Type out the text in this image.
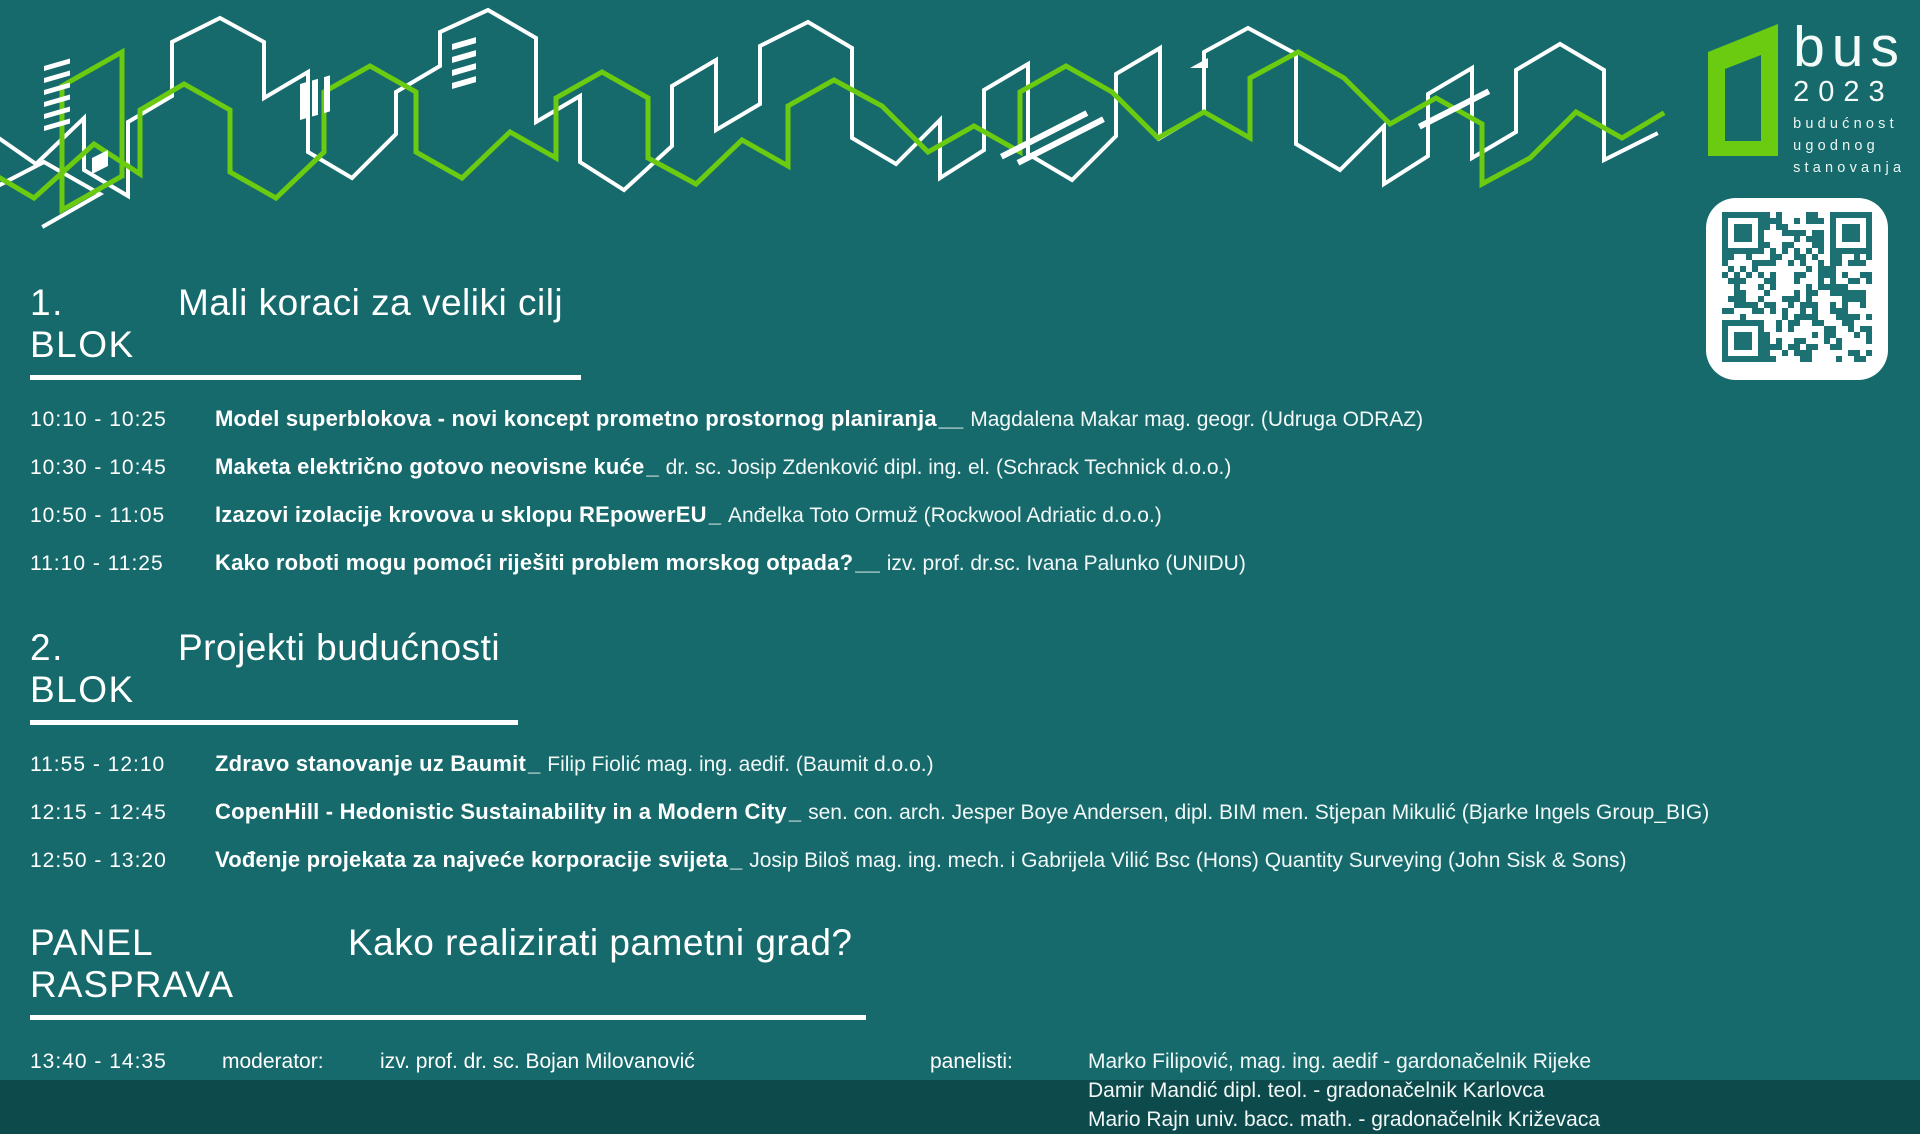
bus
2023
budućnost
ugodnog
stanovanja
1. BLOK
Mali koraci za veliki cilj
10:10 - 10:25	Model superblokova - novi koncept prometno prostornog planiranja __ Magdalena Makar mag. geogr. (Udruga ODRAZ)
10:30 - 10:45	Maketa električno gotovo neovisne kuće _ dr. sc. Josip Zdenković dipl. ing. el. (Schrack Technick d.o.o.)
10:50 - 11:05	Izazovi izolacije krovova u sklopu REpowerEU _ Anđelka Toto Ormuž (Rockwool Adriatic d.o.o.)
11:10 - 11:25	Kako roboti mogu pomoći riješiti problem morskog otpada? __ izv. prof. dr.sc. Ivana Palunko (UNIDU)
2. BLOK
Projekti budućnosti
11:55 - 12:10	Zdravo stanovanje uz Baumit _ Filip Fiolić mag. ing. aedif. (Baumit d.o.o.)
12:15 - 12:45	CopenHill - Hedonistic Sustainability in a Modern City _ sen. con. arch. Jesper Boye Andersen, dipl. BIM men. Stjepan Mikulić (Bjarke Ingels Group_BIG)
12:50 - 13:20	Vođenje projekata za najveće korporacije svijeta _ Josip Biloš mag. ing. mech. i Gabrijela Vilić Bsc (Hons) Quantity Surveying (John Sisk & Sons)
PANEL RASPRAVA
Kako realizirati pametni grad?
13:40 - 14:35	moderator:	izv. prof. dr. sc. Bojan Milovanović	panelisti:	Marko Filipović, mag. ing. aedif - gardonačelnik Rijeke
Damir Mandić dipl. teol. - gradonačelnik Karlovca
Mario Rajn univ. bacc. math. - gradonačelnik Križevaca
